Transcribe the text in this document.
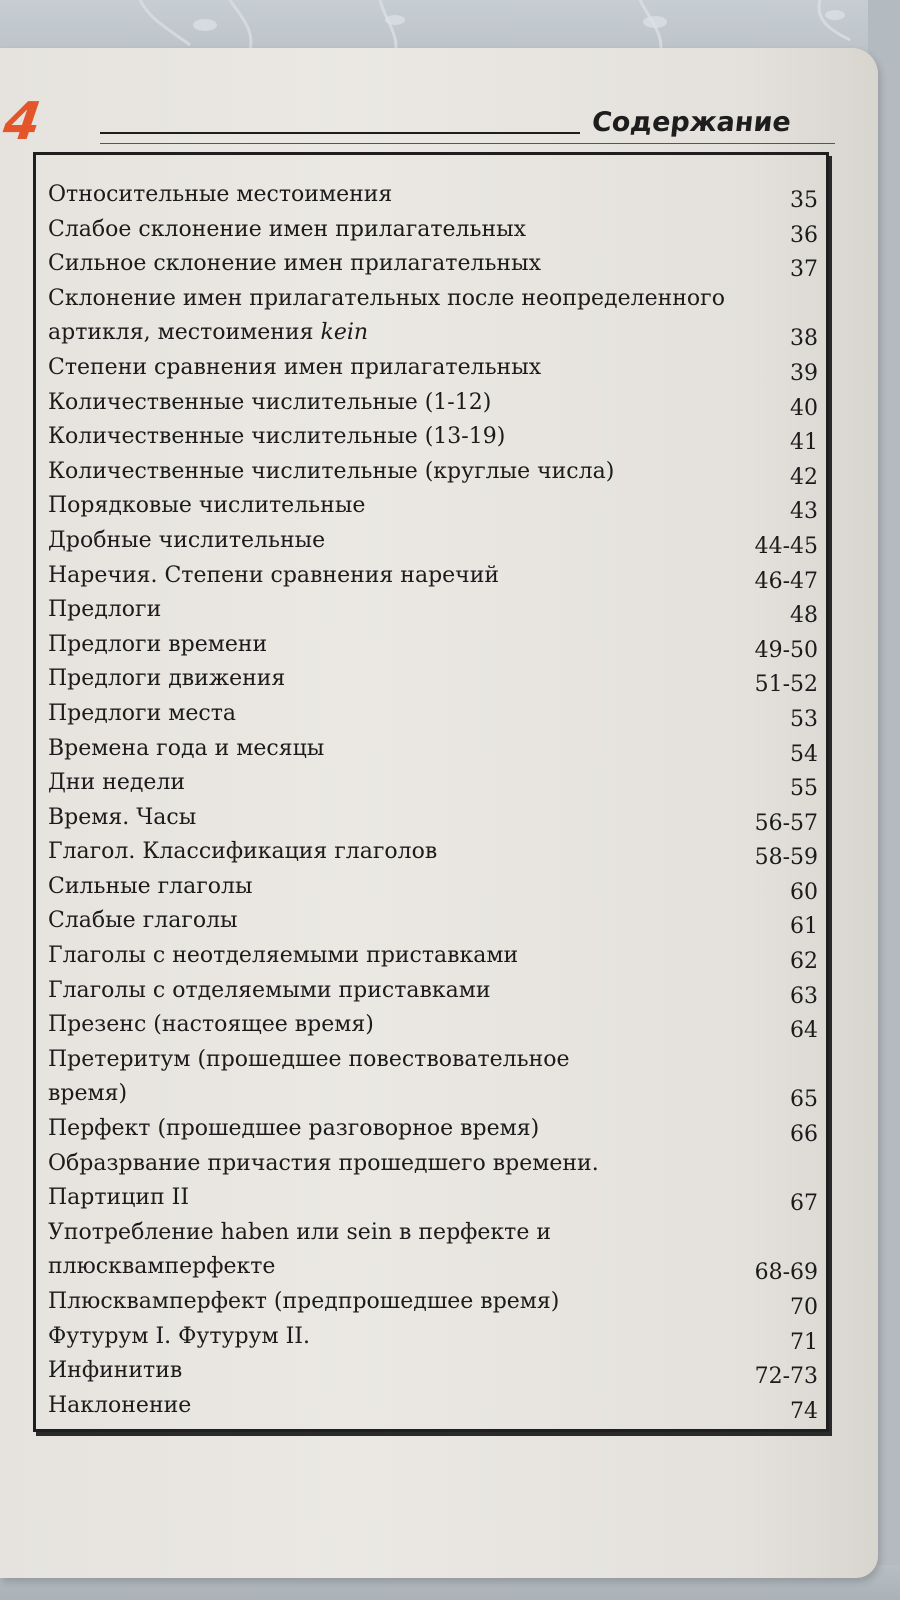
4	Содержание
Относительные местоимения	35
Слабое склонение имен прилагательных	36
Сильное склонение имен прилагательных	37
Склонение имен прилагательных после неопределенного
артикля, местоимения kein	38
Степени сравнения имен прилагательных	39
Количественные числительные (1-12)	40
Количественные числительные (13-19)	41
Количественные числительные (круглые числа)	42
Порядковые числительные	43
Дробные числительные	44-45
Наречия. Степени сравнения наречий	46-47
Предлоги	48
Предлоги времени	49-50
Предлоги движения	51-52
Предлоги места	53
Времена года и месяцы	54
Дни недели	55
Время. Часы	56-57
Глагол. Классификация глаголов	58-59
Сильные глаголы	60
Слабые глаголы	61
Глаголы с неотделяемыми приставками	62
Глаголы с отделяемыми приставками	63
Презенс (настоящее время)	64
Претеритум (прошедшее повествовательное
время)	65
Перфект (прошедшее разговорное время)	66
Образрвание причастия прошедшего времени.
Партицип II	67
Употребление haben или sein в перфекте и
плюсквамперфекте	68-69
Плюсквамперфект (предпрошедшее время)	70
Футурум I. Футурум II.	71
Инфинитив	72-73
Наклонение	74
